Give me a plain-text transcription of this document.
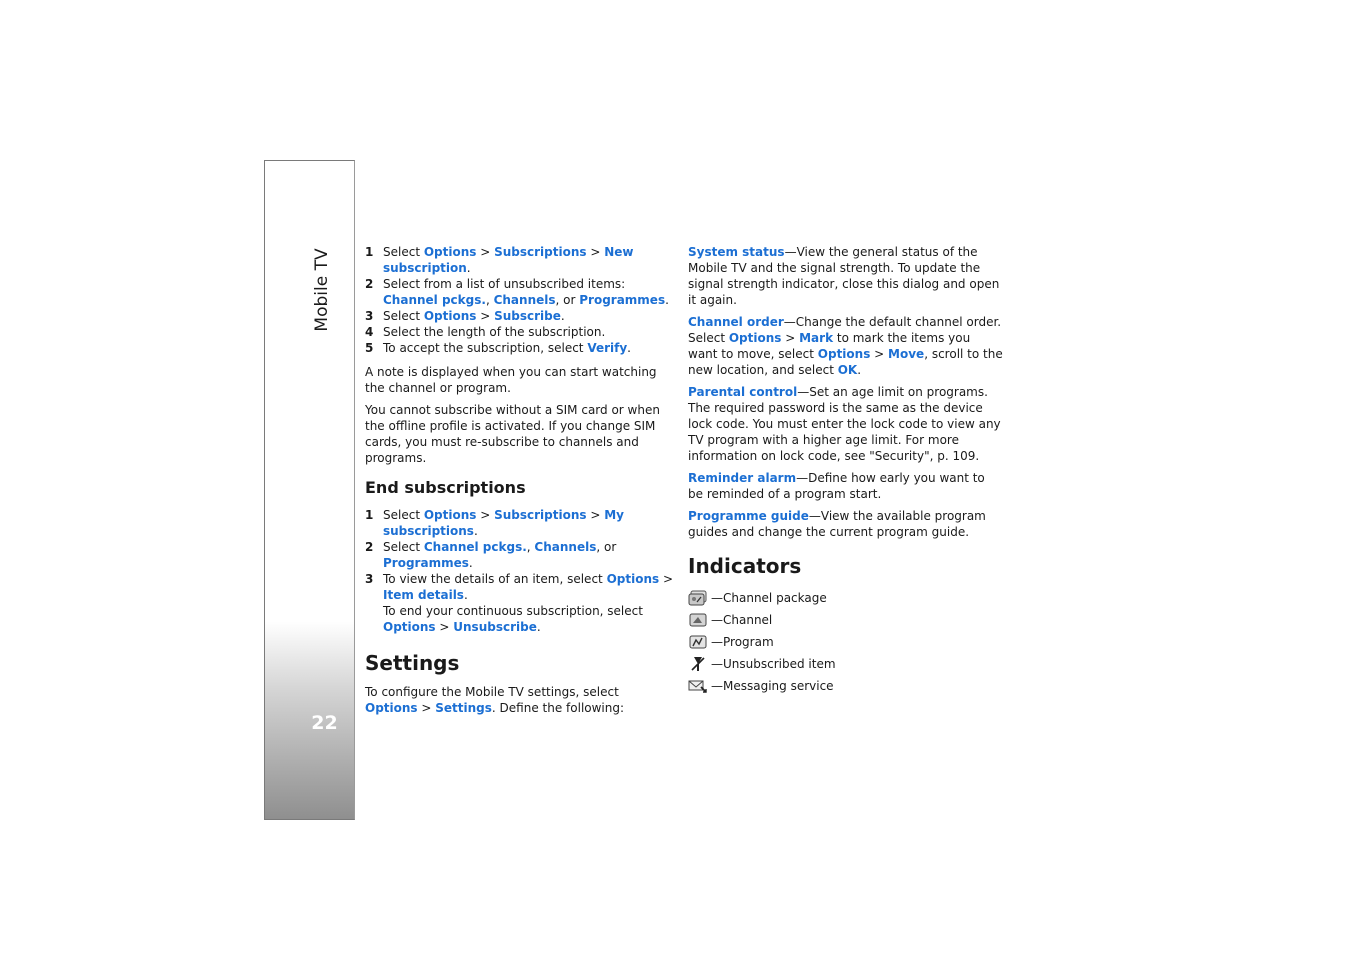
Mobile TV
22
1 Select Options > Subscriptions > New subscription.
2 Select from a list of unsubscribed items: Channel pckgs., Channels, or Programmes.
3 Select Options > Subscribe.
4 Select the length of the subscription.
5 To accept the subscription, select Verify.

A note is displayed when you can start watching the channel or program.

You cannot subscribe without a SIM card or when the offline profile is activated. If you change SIM cards, you must re-subscribe to channels and programs.

End subscriptions
1 Select Options > Subscriptions > My subscriptions.
2 Select Channel pckgs., Channels, or Programmes.
3 To view the details of an item, select Options > Item details.
To end your continuous subscription, select Options > Unsubscribe.
Settings

To configure the Mobile TV settings, select Options > Settings. Define the following:

System status—View the general status of the Mobile TV and the signal strength. To update the signal strength indicator, close this dialog and open it again.

Channel order—Change the default channel order. Select Options > Mark to mark the items you want to move, select Options > Move, scroll to the new location, and select OK.

Parental control—Set an age limit on programs. The required password is the same as the device lock code. You must enter the lock code to view any TV program with a higher age limit. For more information on lock code, see "Security", p. 109.

Reminder alarm—Define how early you want to be reminded of a program start.

Programme guide—View the available program guides and change the current program guide.

Indicators
—Channel package
—Channel
—Program
—Unsubscribed item
—Messaging service
